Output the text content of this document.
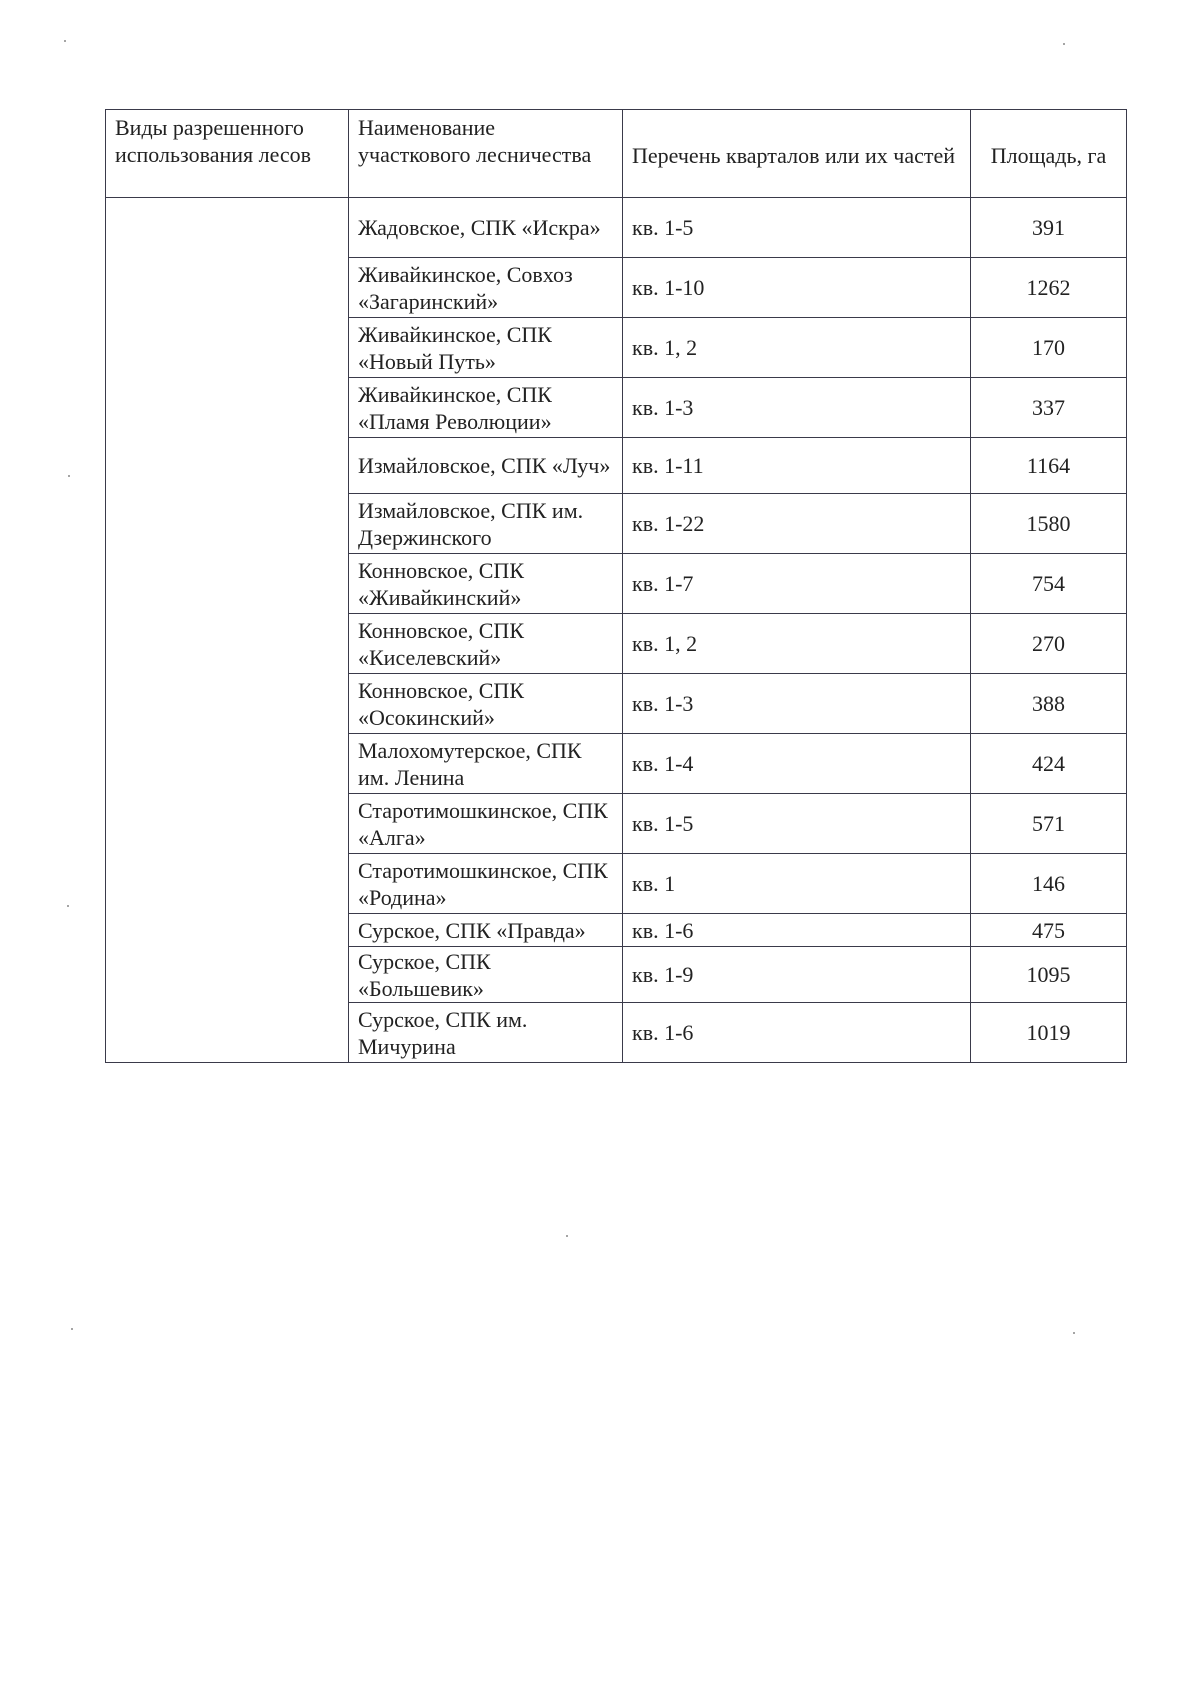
Виды разрешенного использования лесов	Наименование участкового лесничества	Перечень кварталов или их частей	Площадь, га
	Жадовское, СПК «Искра»	кв. 1-5	391
	Живайкинское, Совхоз «Загаринский»	кв. 1-10	1262
	Живайкинское, СПК «Новый Путь»	кв. 1, 2	170
	Живайкинское, СПК «Пламя Революции»	кв. 1-3	337
	Измайловское, СПК «Луч»	кв. 1-11	1164
	Измайловское, СПК им. Дзержинского	кв. 1-22	1580
	Конновское, СПК «Живайкинский»	кв. 1-7	754
	Конновское, СПК «Киселевский»	кв. 1, 2	270
	Конновское, СПК «Осокинский»	кв. 1-3	388
	Малохомутерское, СПК им. Ленина	кв. 1-4	424
	Старотимошкинское, СПК «Алга»	кв. 1-5	571
	Старотимошкинское, СПК «Родина»	кв. 1	146
	Сурское, СПК «Правда»	кв. 1-6	475
	Сурское, СПК «Большевик»	кв. 1-9	1095
	Сурское, СПК им. Мичурина	кв. 1-6	1019
